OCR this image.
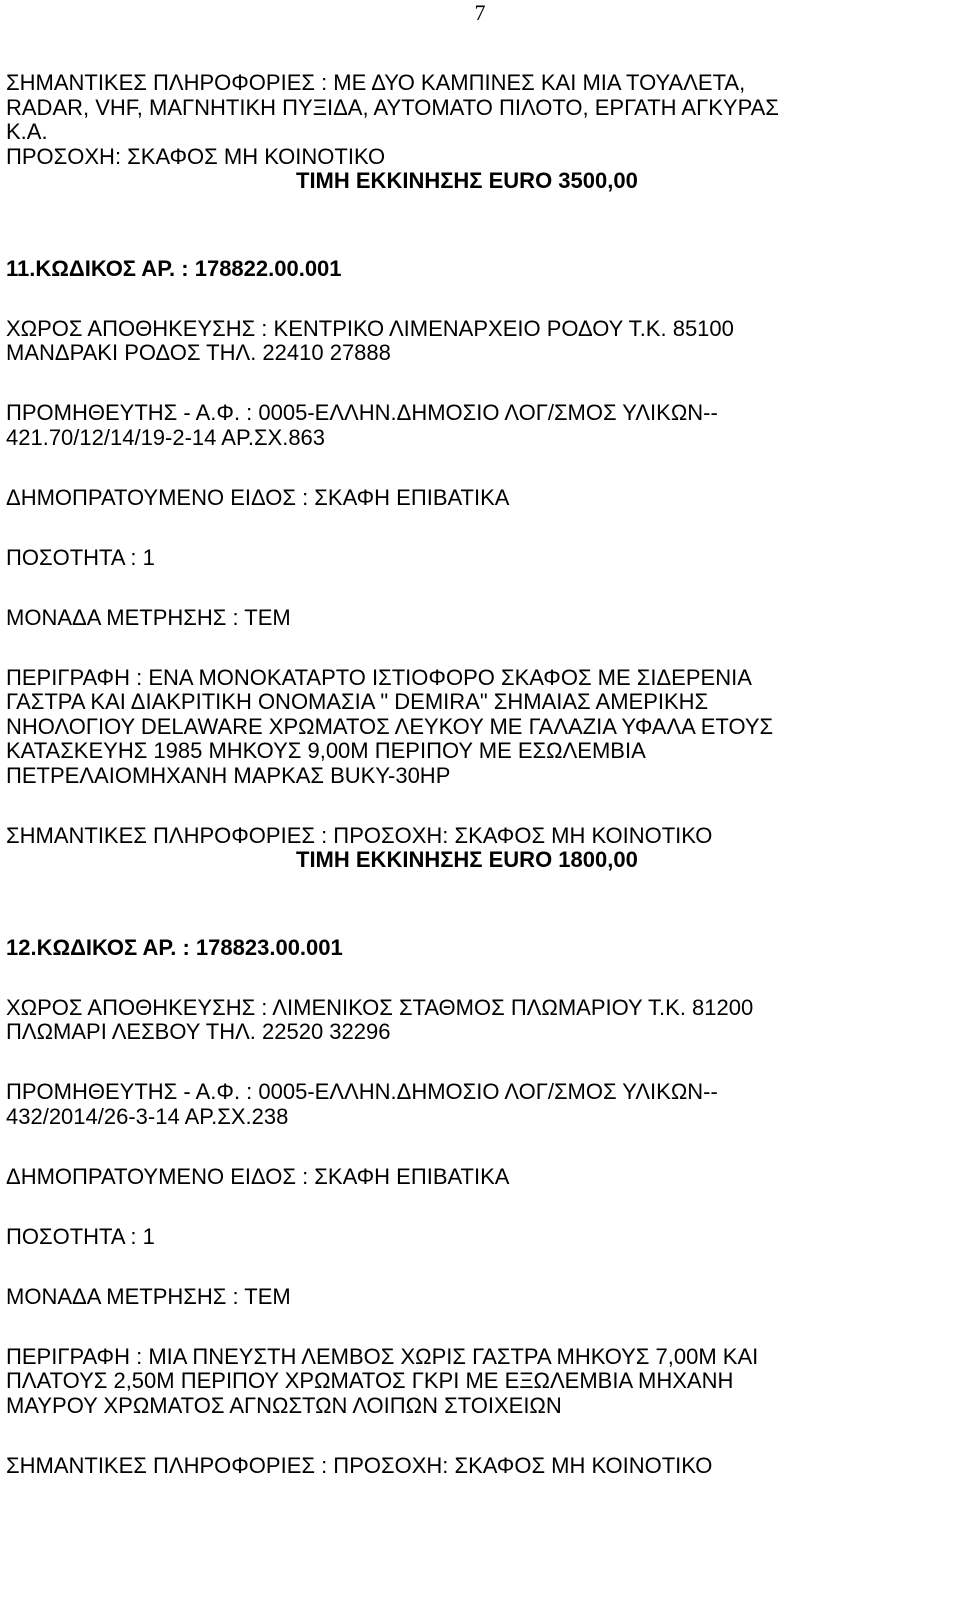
7
ΣΗΜΑΝΤΙΚΕΣ ΠΛΗΡΟΦΟΡΙΕΣ : ΜΕ ΔΥΟ ΚΑΜΠΙΝΕΣ ΚΑΙ ΜΙΑ ΤΟΥΑΛΕΤΑ,
RADAR, VHF, ΜΑΓΝΗΤΙΚΗ ΠΥΞΙΔΑ, ΑΥΤΟΜΑΤΟ ΠΙΛΟΤΟ, ΕΡΓΑΤΗ ΑΓΚΥΡΑΣ
Κ.Α.
ΠΡΟΣΟΧΗ: ΣΚΑΦΟΣ ΜΗ ΚΟΙΝΟΤΙΚΟ
ΤΙΜΗ ΕΚΚΙΝΗΣΗΣ EURO 3500,00
11.ΚΩΔΙΚΟΣ ΑΡ. : 178822.00.001
ΧΩΡΟΣ ΑΠΟΘΗΚΕΥΣΗΣ : ΚΕΝΤΡΙΚΟ ΛΙΜΕΝΑΡΧΕΙΟ ΡΟΔΟΥ Τ.Κ. 85100
ΜΑΝΔΡΑΚΙ ΡΟΔΟΣ ΤΗΛ. 22410 27888
ΠΡΟΜΗΘΕΥΤΗΣ - Α.Φ. : 0005-ΕΛΛΗΝ.ΔΗΜΟΣΙΟ ΛΟΓ/ΣΜΟΣ ΥΛΙΚΩΝ--
421.70/12/14/19-2-14 ΑΡ.ΣΧ.863
ΔΗΜΟΠΡΑΤΟΥΜΕΝΟ ΕΙΔΟΣ : ΣΚΑΦΗ ΕΠΙΒΑΤΙΚΑ
ΠΟΣΟΤΗΤΑ : 1
ΜΟΝΑΔΑ ΜΕΤΡΗΣΗΣ : ΤΕΜ
ΠΕΡΙΓΡΑΦΗ : ΕΝΑ ΜΟΝΟΚΑΤΑΡΤΟ ΙΣΤΙΟΦΟΡΟ ΣΚΑΦΟΣ ΜΕ ΣΙΔΕΡΕΝΙΑ
ΓΑΣΤΡΑ ΚΑΙ ΔΙΑΚΡΙΤΙΚΗ ΟΝΟΜΑΣΙΑ " DEMIRA" ΣΗΜΑΙΑΣ ΑΜΕΡΙΚΗΣ
ΝΗΟΛΟΓΙΟΥ DELAWARE ΧΡΩΜΑΤΟΣ ΛΕΥΚΟΥ ΜΕ ΓΑΛΑΖΙΑ ΥΦΑΛΑ ΕΤΟΥΣ
ΚΑΤΑΣΚΕΥΗΣ 1985 ΜΗΚΟΥΣ 9,00Μ ΠΕΡΙΠΟΥ ΜΕ ΕΣΩΛΕΜΒΙΑ
ΠΕΤΡΕΛΑΙΟΜΗΧΑΝΗ ΜΑΡΚΑΣ BUKY-30HP
ΣΗΜΑΝΤΙΚΕΣ ΠΛΗΡΟΦΟΡΙΕΣ : ΠΡΟΣΟΧΗ: ΣΚΑΦΟΣ ΜΗ ΚΟΙΝΟΤΙΚΟ
ΤΙΜΗ ΕΚΚΙΝΗΣΗΣ EURO 1800,00
12.ΚΩΔΙΚΟΣ ΑΡ. : 178823.00.001
ΧΩΡΟΣ ΑΠΟΘΗΚΕΥΣΗΣ : ΛΙΜΕΝΙΚΟΣ ΣΤΑΘΜΟΣ ΠΛΩΜΑΡΙΟΥ Τ.Κ. 81200
ΠΛΩΜΑΡΙ ΛΕΣΒΟΥ ΤΗΛ. 22520 32296
ΠΡΟΜΗΘΕΥΤΗΣ - Α.Φ. : 0005-ΕΛΛΗΝ.ΔΗΜΟΣΙΟ ΛΟΓ/ΣΜΟΣ ΥΛΙΚΩΝ--
432/2014/26-3-14 ΑΡ.ΣΧ.238
ΔΗΜΟΠΡΑΤΟΥΜΕΝΟ ΕΙΔΟΣ : ΣΚΑΦΗ ΕΠΙΒΑΤΙΚΑ
ΠΟΣΟΤΗΤΑ : 1
ΜΟΝΑΔΑ ΜΕΤΡΗΣΗΣ : ΤΕΜ
ΠΕΡΙΓΡΑΦΗ : ΜΙΑ ΠΝΕΥΣΤΗ ΛΕΜΒΟΣ ΧΩΡΙΣ ΓΑΣΤΡΑ ΜΗΚΟΥΣ 7,00Μ ΚΑΙ
ΠΛΑΤΟΥΣ 2,50Μ ΠΕΡΙΠΟΥ ΧΡΩΜΑΤΟΣ ΓΚΡΙ ΜΕ ΕΞΩΛΕΜΒΙΑ ΜΗΧΑΝΗ
ΜΑΥΡΟΥ ΧΡΩΜΑΤΟΣ ΑΓΝΩΣΤΩΝ ΛΟΙΠΩΝ ΣΤΟΙΧΕΙΩΝ
ΣΗΜΑΝΤΙΚΕΣ ΠΛΗΡΟΦΟΡΙΕΣ : ΠΡΟΣΟΧΗ: ΣΚΑΦΟΣ ΜΗ ΚΟΙΝΟΤΙΚΟ
